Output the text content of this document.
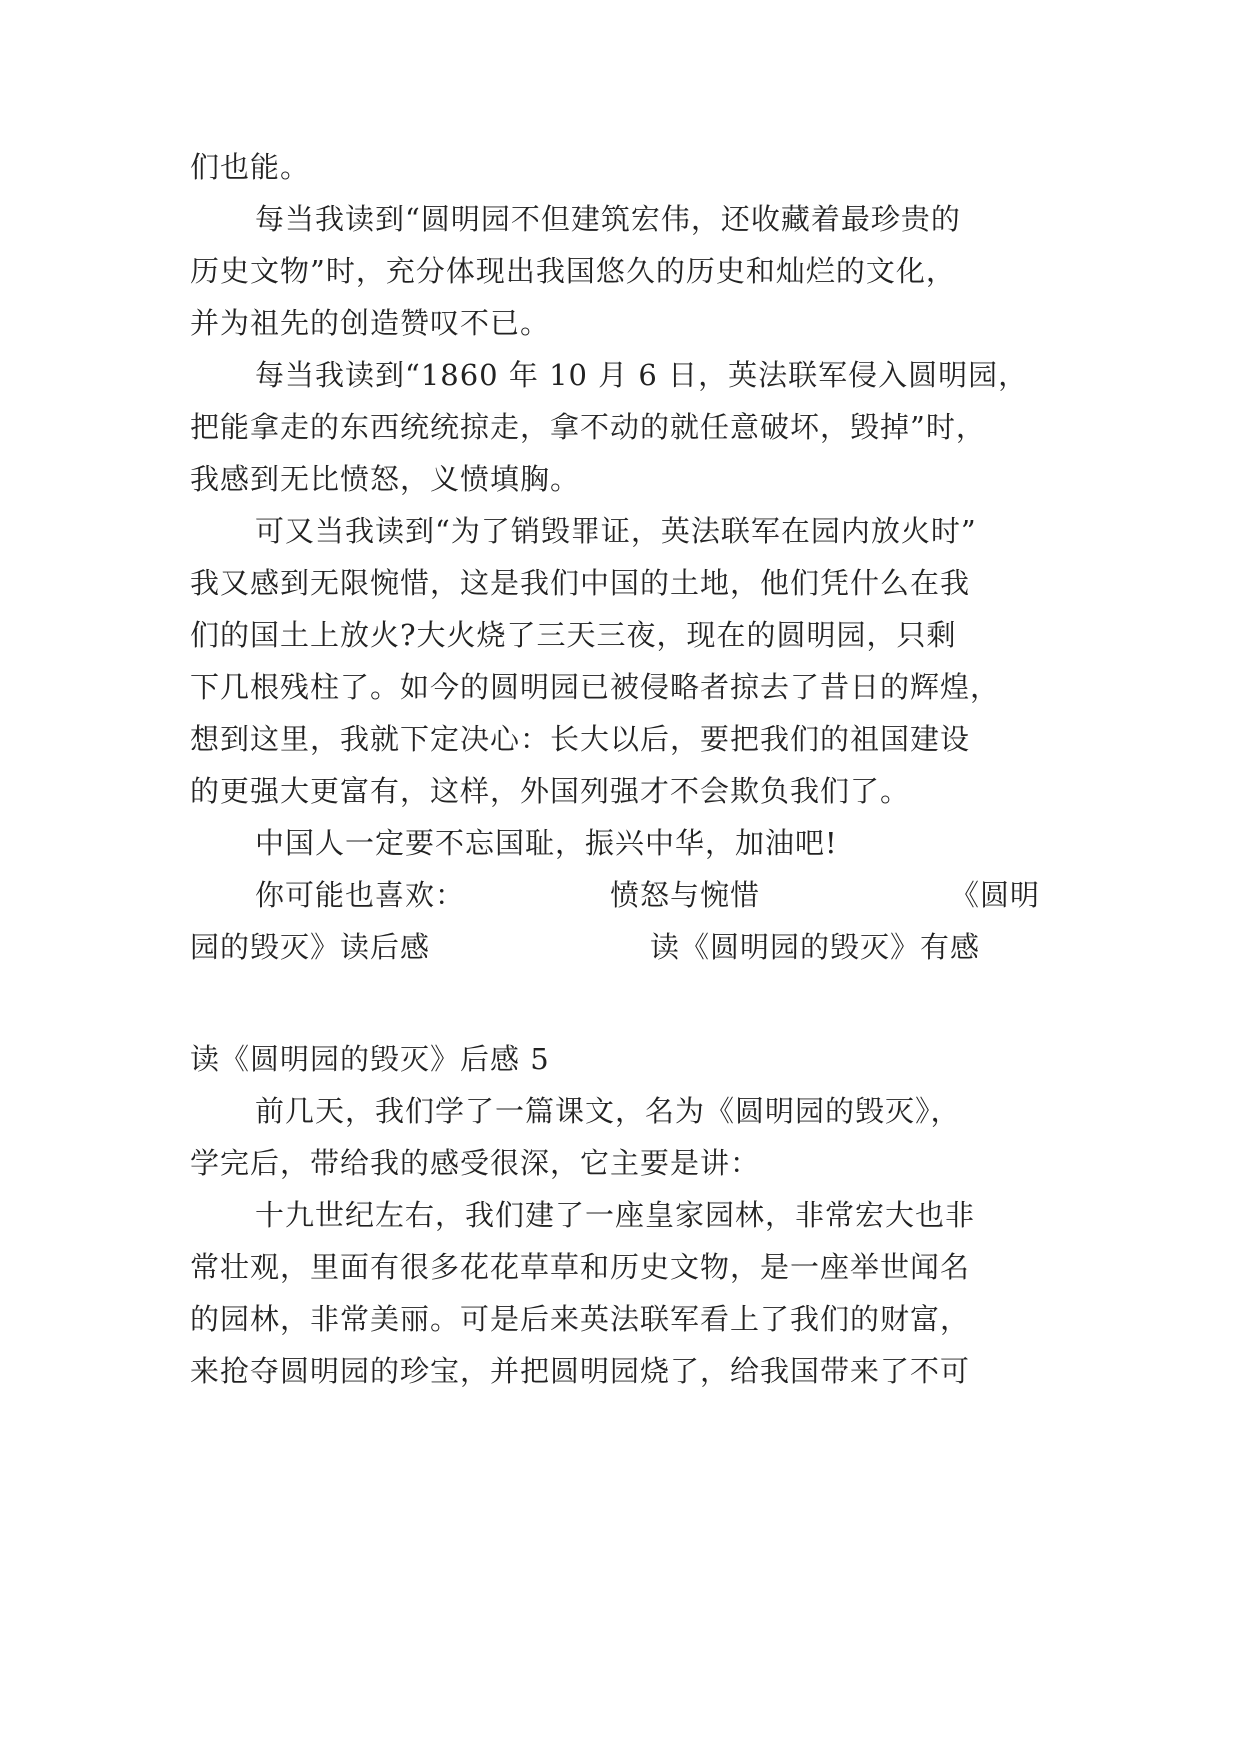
们也能。
每当我读到“圆明园不但建筑宏伟，还收藏着最珍贵的
历史文物”时，充分体现出我国悠久的历史和灿烂的文化，
并为祖先的创造赞叹不已。
每当我读到“1860 年 10 月 6 日，英法联军侵入圆明园，
把能拿走的东西统统掠走，拿不动的就任意破坏，毁掉”时，
我感到无比愤怒，义愤填胸。
可又当我读到“为了销毁罪证，英法联军在园内放火时”
我又感到无限惋惜，这是我们中国的土地，他们凭什么在我
们的国土上放火?大火烧了三天三夜，现在的圆明园，只剩
下几根残柱了。如今的圆明园已被侵略者掠去了昔日的辉煌，
想到这里，我就下定决心：长大以后，要把我们的祖国建设
的更强大更富有，这样，外国列强才不会欺负我们了。
中国人一定要不忘国耻，振兴中华，加油吧!
你可能也喜欢：	愤怒与惋惜	《圆明
园的毁灭》读后感	读《圆明园的毁灭》有感
读《圆明园的毁灭》后感 5
前几天，我们学了一篇课文，名为《圆明园的毁灭》，
学完后，带给我的感受很深，它主要是讲：
十九世纪左右，我们建了一座皇家园林，非常宏大也非
常壮观，里面有很多花花草草和历史文物，是一座举世闻名
的园林，非常美丽。可是后来英法联军看上了我们的财富，
来抢夺圆明园的珍宝，并把圆明园烧了，给我国带来了不可
